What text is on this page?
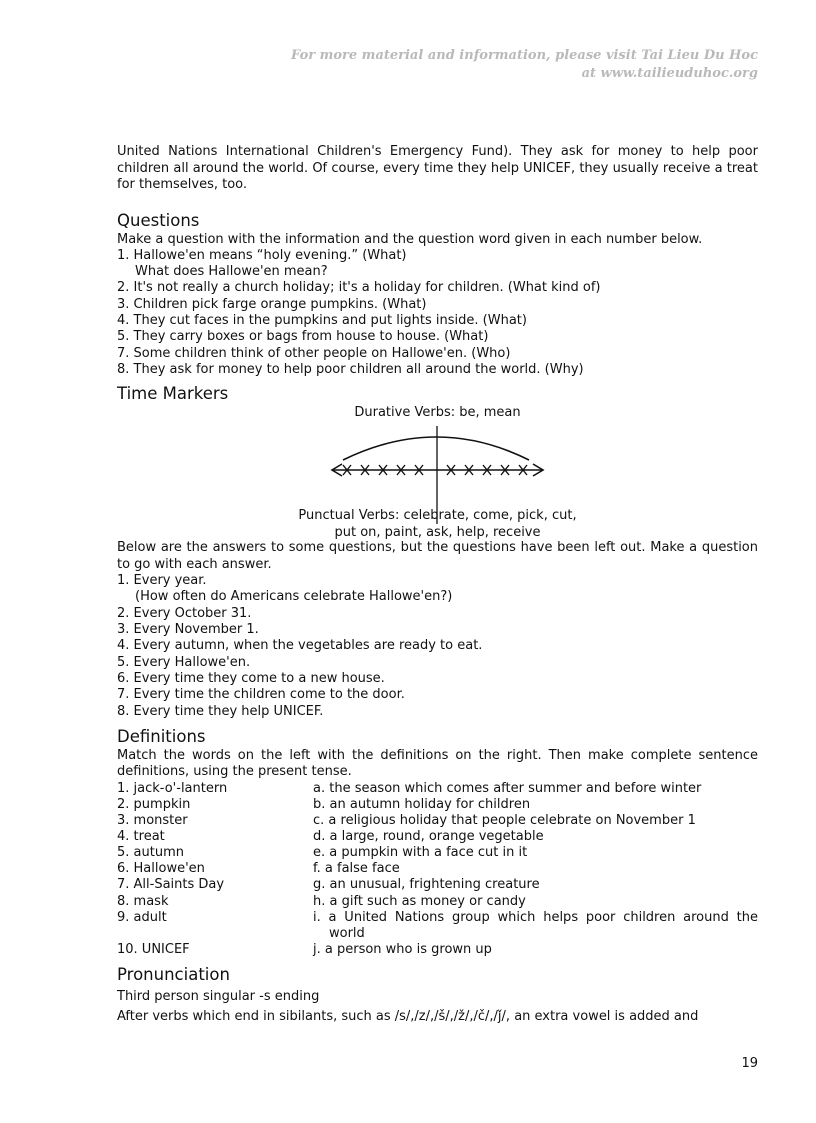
For more material and information, please visit Tai Lieu Du Hoc
at www.tailieuduhoc.org

United Nations International Children's Emergency Fund). They ask for money to help poor children all around the world. Of course, every time they help UNICEF, they usually receive a treat for themselves, too.

Questions
Make a question with the information and the question word given in each number below.
1. Hallowe'en means “holy evening.” (What)
What does Hallowe'en mean?
2. It's not really a church holiday; it's a holiday for children. (What kind of)
3. Children pick farge orange pumpkins. (What)
4. They cut faces in the pumpkins and put lights inside. (What)
5. They carry boxes or bags from house to house. (What)
7. Some children think of other people on Hallowe'en. (Who)
8. They ask for money to help poor children all around the world. (Why)
Time Markers
Durative Verbs: be, mean
Punctual Verbs: celebrate, come, pick, cut,
put on, paint, ask, help, receive

Below are the answers to some questions, but the questions have been left out. Make a question to go with each answer.

1. Every year.
(How often do Americans celebrate Hallowe'en?)
2. Every October 31.
3. Every November 1.
4. Every autumn, when the vegetables are ready to eat.
5. Every Hallowe'en.
6. Every time they come to a new house.
7. Every time the children come to the door.
8. Every time they help UNICEF.
Definitions

Match the words on the left with the definitions on the right. Then make complete sentence definitions, using the present tense.

1. jack-o'-lantern	a. the season which comes after summer and before winter
2. pumpkin	b. an autumn holiday for children
3. monster	c. a religious holiday that people celebrate on November 1
4. treat	d. a large, round, orange vegetable
5. autumn	e. a pumpkin with a face cut in it
6. Hallowe'en	f. a false face
7. All-Saints Day	g. an unusual, frightening creature
8. mask	h. a gift such as money or candy
9. adult	i. a United Nations group which helps poor children around the world
10. UNICEF	j. a person who is grown up
Pronunciation
Third person singular -s ending
After verbs which end in sibilants, such as /s/,/z/,/š/,/ž/,/č/,/ǰ/, an extra vowel is added and
19
